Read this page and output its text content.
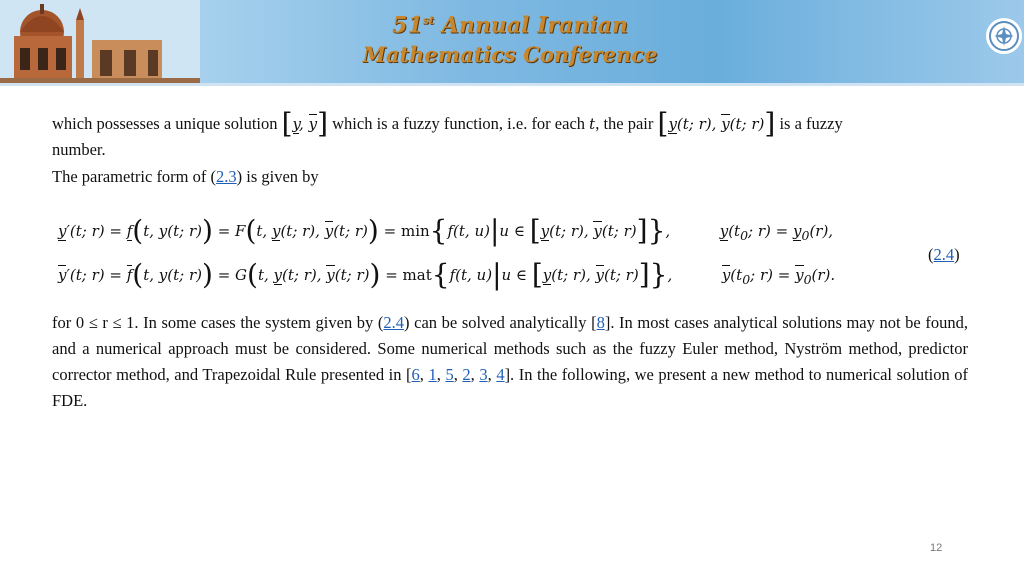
51st Annual Iranian
Mathematics Conference
which possesses a unique solution [y, y] which is a fuzzy function, i.e. for each t, the pair [y(t; r), y(t; r)] is a fuzzy
number.
The parametric form of (2.3) is given by
y′(t; r) = f(t, y(t; r)) = F(t, y(t; r), y(t; r)) = min{f(t, u)|u ∈ [y(t; r), y(t; r)]},	$y(t_0$; $r) = y_0(r)$,
y′(t; r) = f(t, y(t; r)) = G(t, y(t; r), y(t; r)) = mat{f(t, u)|u ∈ [y(t; r), y(t; r)]},	$y(t_0$; $r) = y_0(r)$.
(2.4)
for 0 ≤ r ≤ 1. In some cases the system given by (2.4) can be solved analytically [8]. In most cases analytical solutions may not be found, and a numerical approach must be considered. Some numerical methods such as the fuzzy Euler method, Nyström method, predictor corrector method, and Trapezoidal Rule presented in [6, 1, 5, 2, 3, 4]. In the following, we present a new method to numerical solution of FDE.
12
